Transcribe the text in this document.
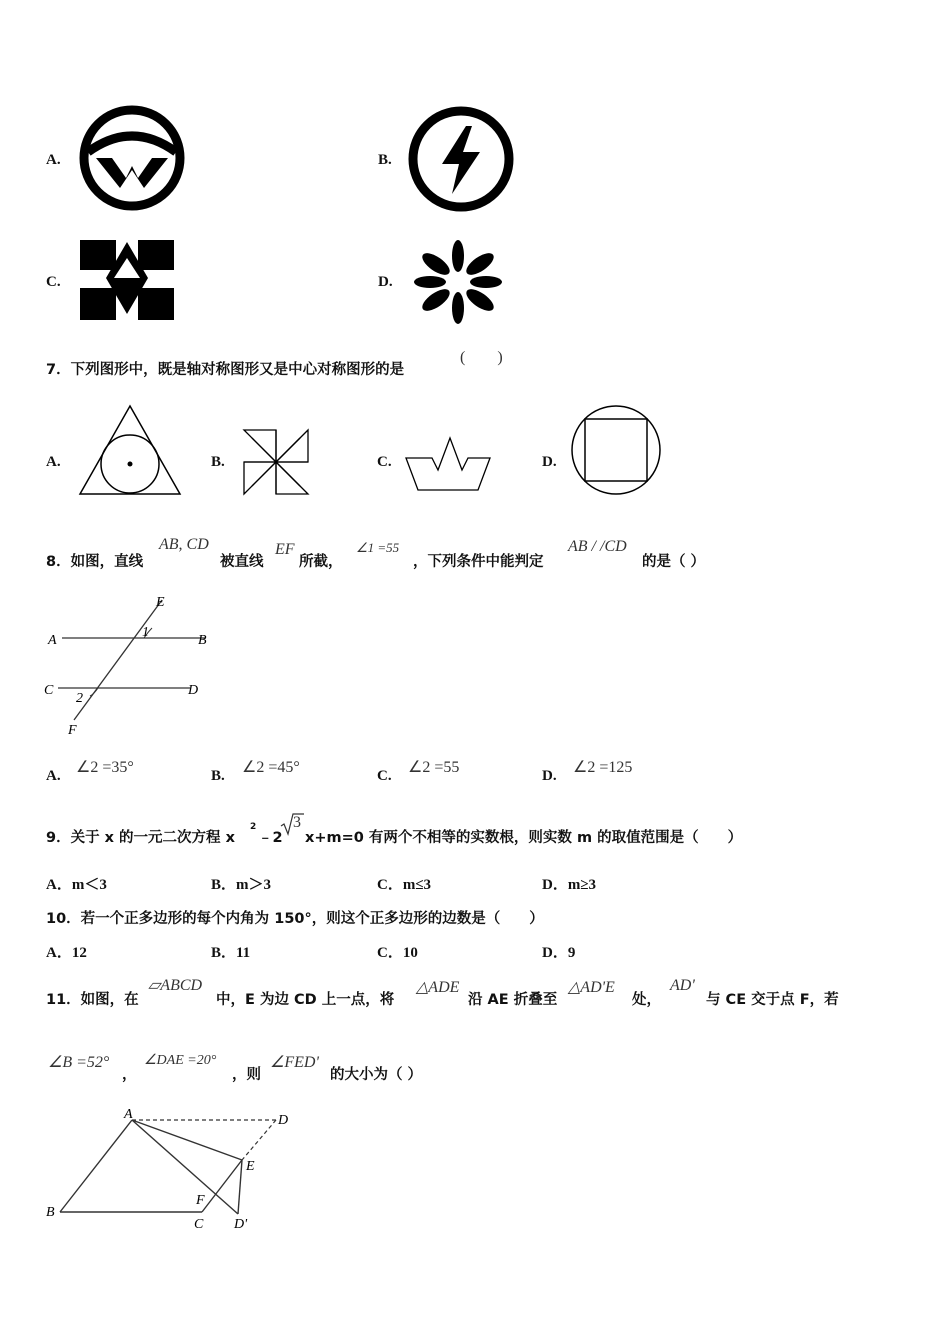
A.	B.
C.	D.
7．下列图形中，既是轴对称图形又是中心对称图形的是
(　　)
A.	B.	C.	D.
8．如图，直线
AB, CD
被直线
EF
所截，
∠1 =55
，下列条件中能判定
AB / /CD
的是（ ）
E
A	B
1
C	D
2
F
A. ∠2 =35°	B. ∠2 =45°	C. ∠2 =55	D. ∠2 =125
9．关于 x 的一元二次方程 x
2
﹣2
3
x+m=0 有两个不相等的实数根，则实数 m 的取值范围是（　　）
A．m＜3	B．m＞3	C．m≤3	D．m≥3
10．若一个正多边形的每个内角为 150°，则这个正多边形的边数是（　　）
A．12	B．11	C．10	D．9
11．如图，在
▱ABCD
中，E 为边 CD 上一点，将
△ADE
沿 AE 折叠至
△AD'E
处，
AD'
与 CE 交于点 F，若
∠B =52°
，
∠DAE =20°
，则
∠FED'
的大小为（ ）
A	D
E
F
B
C D'
